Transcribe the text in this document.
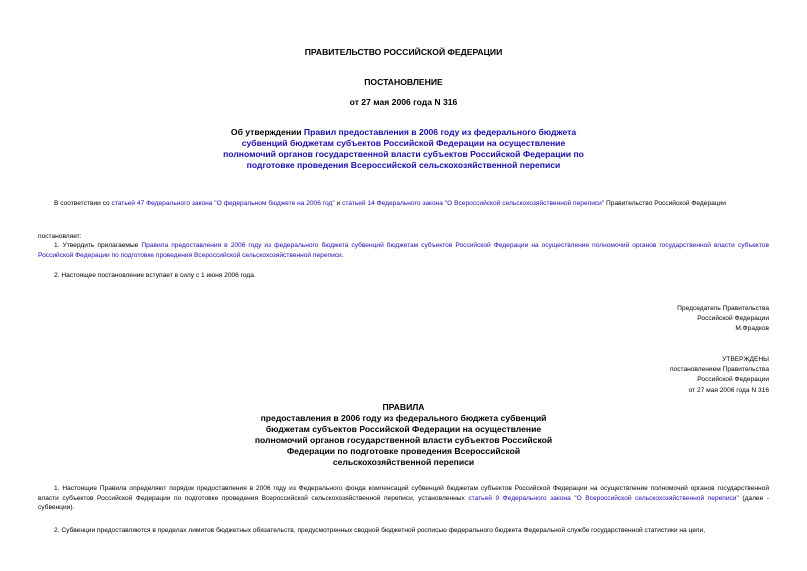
ПРАВИТЕЛЬСТВО РОССИЙСКОЙ ФЕДЕРАЦИИ
ПОСТАНОВЛЕНИЕ
от 27 мая 2006 года N 316
Об утверждении Правил предоставления в 2006 году из федерального бюджета субвенций бюджетам субъектов Российской Федерации на осуществление полномочий органов государственной власти субъектов Российской Федерации по подготовке проведения Всероссийской сельскохозяйственной переписи
В соответствии со статьей 47 Федерального закона "О федеральном бюджете на 2006 год" и статьей 14 Федерального закона "О Всероссийской сельскохозяйственной переписи" Правительство Российской Федерации
постановляет:
1. Утвердить прилагаемые Правила предоставления в 2006 году из федерального бюджета субвенций бюджетам субъектов Российской Федерации на осуществление полномочий органов государственной власти субъектов Российской Федерации по подготовке проведения Всероссийской сельскохозяйственной переписи.
2. Настоящее постановление вступает в силу с 1 июня 2006 года.
Председатель Правительства
Российской Федерации
М.Фрадков
УТВЕРЖДЕНЫ
постановлением Правительства
Российской Федерации
от 27 мая 2006 года N 316
ПРАВИЛА
предоставления в 2006 году из федерального бюджета субвенций бюджетам субъектов Российской Федерации на осуществление полномочий органов государственной власти субъектов Российской Федерации по подготовке проведения Всероссийской сельскохозяйственной переписи
1. Настоящие Правила определяют порядок предоставления в 2006 году из Федерального фонда компенсаций субвенций бюджетам субъектов Российской Федерации на осуществление полномочий органов государственной власти субъектов Российской Федерации по подготовке проведения Всероссийской сельскохозяйственной переписи, установленных статьей 9 Федерального закона "О Всероссийской сельскохозяйственной переписи" (далее - субвенции).
2. Субвенции предоставляются в пределах лимитов бюджетных обязательств, предусмотренных сводной бюджетной росписью федерального бюджета Федеральной службе государственной статистики на цели,
